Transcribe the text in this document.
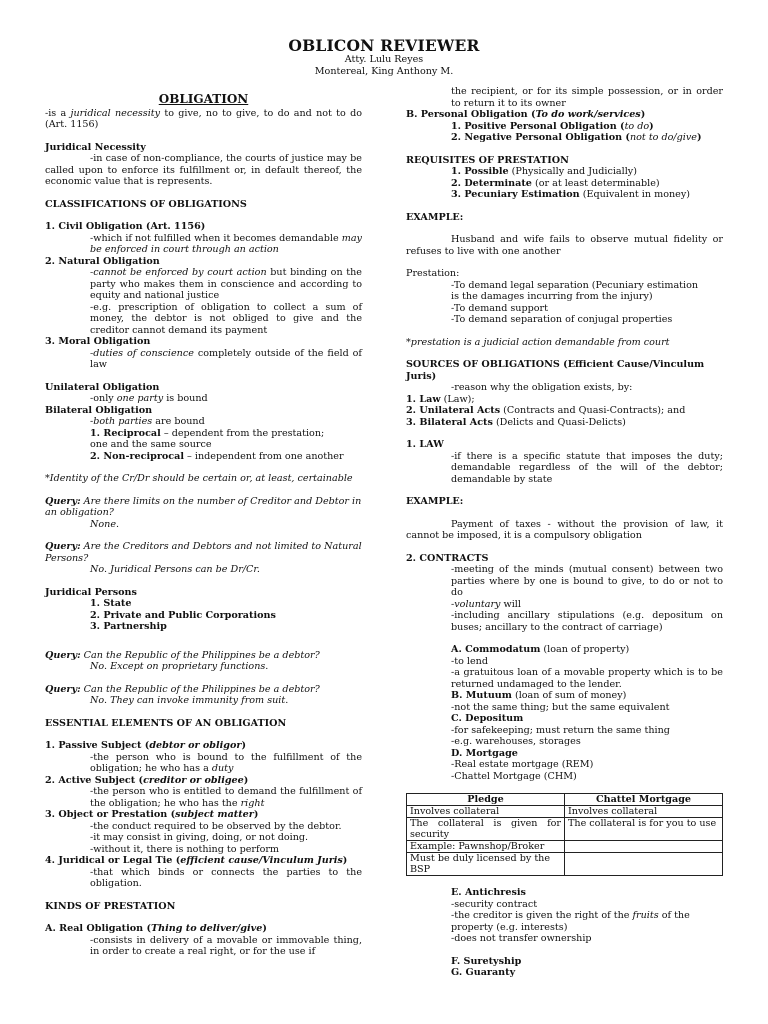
OBLICON REVIEWER
Atty. Lulu Reyes
Montereal, King Anthony M.
OBLIGATION

-is a juridical necessity to give, no to give, to do and not to do (Art. 1156)

Juridical Necessity

-in case of non-compliance, the courts of justice may be called upon to enforce its fulfillment or, in default thereof, the economic value that is represents.

CLASSIFICATIONS OF OBLIGATIONS

1. Civil Obligation (Art. 1156)

-which if not fulfilled when it becomes demandable may be enforced in court through an action

2. Natural Obligation

-cannot be enforced by court action but binding on the party who makes them in conscience and according to equity and national justice

-e.g. prescription of obligation to collect a sum of money, the debtor is not obliged to give and the creditor cannot demand its payment

3. Moral Obligation

-duties of conscience completely outside of the field of law

Unilateral Obligation

-only one party is bound

Bilateral Obligation

-both parties are bound

1. Reciprocal – dependent from the prestation;

one and the same source

2. Non-reciprocal – independent from one another

*Identity of the Cr/Dr should be certain or, at least, certainable

Query: Are there limits on the number of Creditor and Debtor in an obligation?

None.

Query: Are the Creditors and Debtors and not limited to Natural Persons?

No. Juridical Persons can be Dr/Cr.

Juridical Persons

1. State

2. Private and Public Corporations

3. Partnership

Query: Can the Republic of the Philippines be a debtor?

No. Except on proprietary functions.

Query: Can the Republic of the Philippines be a debtor?

No. They can invoke immunity from suit.

ESSENTIAL ELEMENTS OF AN OBLIGATION

1. Passive Subject (debtor or obligor)

-the person who is bound to the fulfillment of the obligation; he who has a duty

2. Active Subject (creditor or obligee)

-the person who is entitled to demand the fulfillment of the obligation; he who has the right

3. Object or Prestation (subject matter)

-the conduct required to be observed by the debtor.

-it may consist in giving, doing, or not doing.

-without it, there is nothing to perform

4. Juridical or Legal Tie (efficient cause/Vinculum Juris)

-that which binds or connects the parties to the obligation.

KINDS OF PRESTATION

A. Real Obligation (Thing to deliver/give)

-consists in delivery of a movable or immovable thing, in order to create a real right, or for the use if

the recipient, or for its simple possession, or in order to return it to its owner

B. Personal Obligation (To do work/services)

1. Positive Personal Obligation (to do)

2. Negative Personal Obligation (not to do/give)

REQUISITES OF PRESTATION

1. Possible (Physically and Judicially)

2. Determinate (or at least determinable)

3. Pecuniary Estimation (Equivalent in money)

EXAMPLE:

Husband and wife fails to observe mutual fidelity or refuses to live with one another

Prestation:

-To demand legal separation (Pecuniary estimation

is the damages incurring from the injury)

-To demand support

-To demand separation of conjugal properties

*prestation is a judicial action demandable from court

SOURCES OF OBLIGATIONS (Efficient Cause/Vinculum Juris)

-reason why the obligation exists, by:

1. Law (Law);

2. Unilateral Acts (Contracts and Quasi-Contracts); and

3. Bilateral Acts (Delicts and Quasi-Delicts)

1. LAW

-if there is a specific statute that imposes the duty; demandable regardless of the will of the debtor; demandable by state

EXAMPLE:

Payment of taxes - without the provision of law, it cannot be imposed, it is a compulsory obligation

2. CONTRACTS

-meeting of the minds (mutual consent) between two parties where by one is bound to give, to do or not to do

-voluntary will

-including ancillary stipulations (e.g. depositum on buses; ancillary to the contract of carriage)

A. Commodatum (loan of property)

-to lend

-a gratuitous loan of a movable property which is to be returned undamaged to the lender.

B. Mutuum (loan of sum of money)

-not the same thing; but the same equivalent

C. Depositum

-for safekeeping; must return the same thing

-e.g. warehouses, storages

D. Mortgage

-Real estate mortgage (REM)

-Chattel Mortgage (CHM)

Pledge	Chattel Mortgage
Involves collateral	Involves collateral
The collateral is given for security	The collateral is for you to use
Example: Pawnshop/Broker	
Must be duly licensed by the BSP	

E. Antichresis

-security contract

-the creditor is given the right of the fruits of the property (e.g. interests)

-does not transfer ownership

F. Suretyship

G. Guaranty
